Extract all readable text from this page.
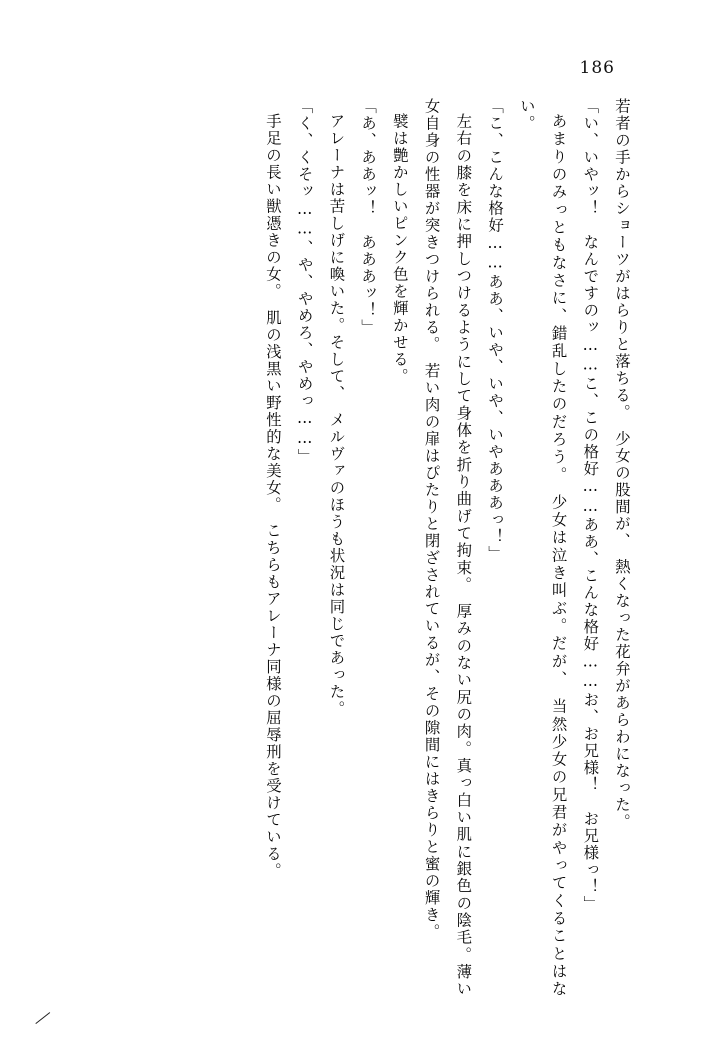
186

若者の手からショーツがはらりと落ちる。　少女の股間が、　熱くなった花弁があらわになった。

「い、いやッ！　なんですのッ……こ、この格好……ああ、こんな格好……お、お兄様！　お兄様っ！」

あまりのみっともなさに、錯乱したのだろう。　少女は泣き叫ぶ。だが、　当然少女の兄君がやってくることはない。

「こ、こんな格好……ああ、いや、いや、いやあああっ！」

左右の膝を床に押しつけるようにして身体を折り曲げて拘束。　厚みのない尻の肉。真っ白い肌に銀色の陰毛。薄い女自身の性器が突きつけられる。　若い肉の扉はぴたりと閉ざされているが、その隙間にはきらりと蜜の輝き。

襞は艶かしいピンク色を輝かせる。

「あ、ああッ！　あああッ！」

アレーナは苦しげに喚いた。そして、　メルヴァのほうも状況は同じであった。

「く、くそッ……、や、やめろ、やめっ……」

手足の長い獣憑きの女。　肌の浅黒い野性的な美女。　こちらもアレーナ同様の屈辱刑を受けている。
